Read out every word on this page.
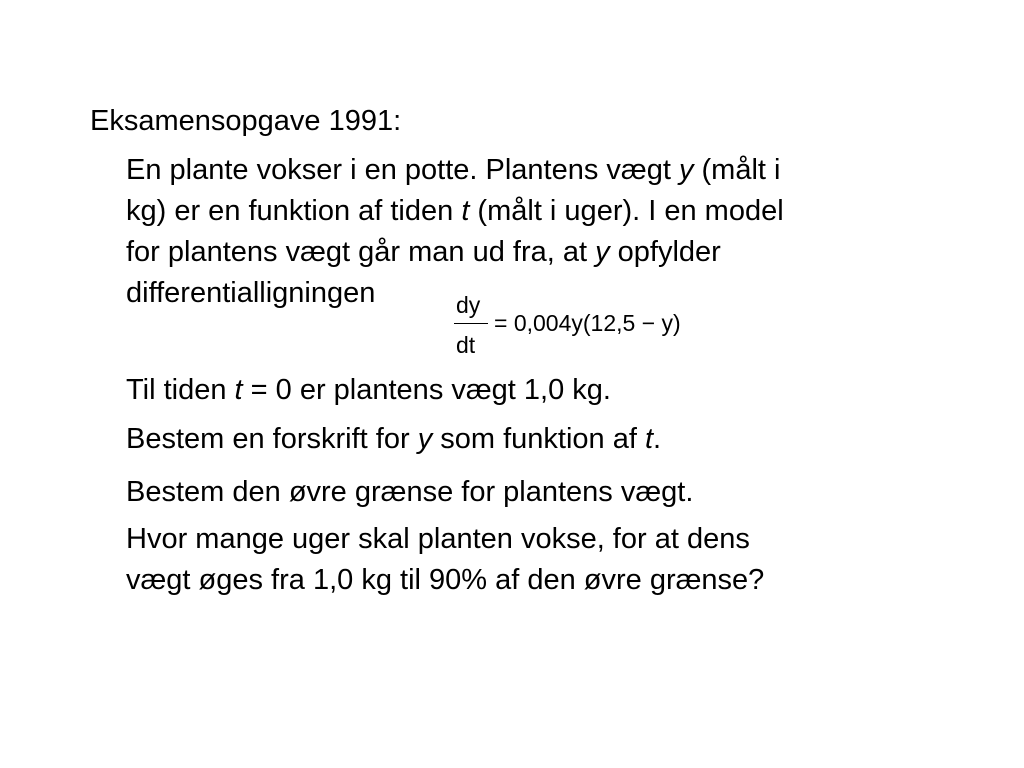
Eksamensopgave 1991:
En plante vokser i en potte. Plantens vægt y (målt i
kg) er en funktion af tiden t (målt i uger). I en model
for plantens vægt går man ud fra, at y opfylder
differentialligningen	dy
dt
= 0,004y(12,5 − y)
Til tiden t = 0 er plantens vægt 1,0 kg.
Bestem en forskrift for y som funktion af t.
Bestem den øvre grænse for plantens vægt.
Hvor mange uger skal planten vokse, for at dens
vægt øges fra 1,0 kg til 90% af den øvre grænse?
